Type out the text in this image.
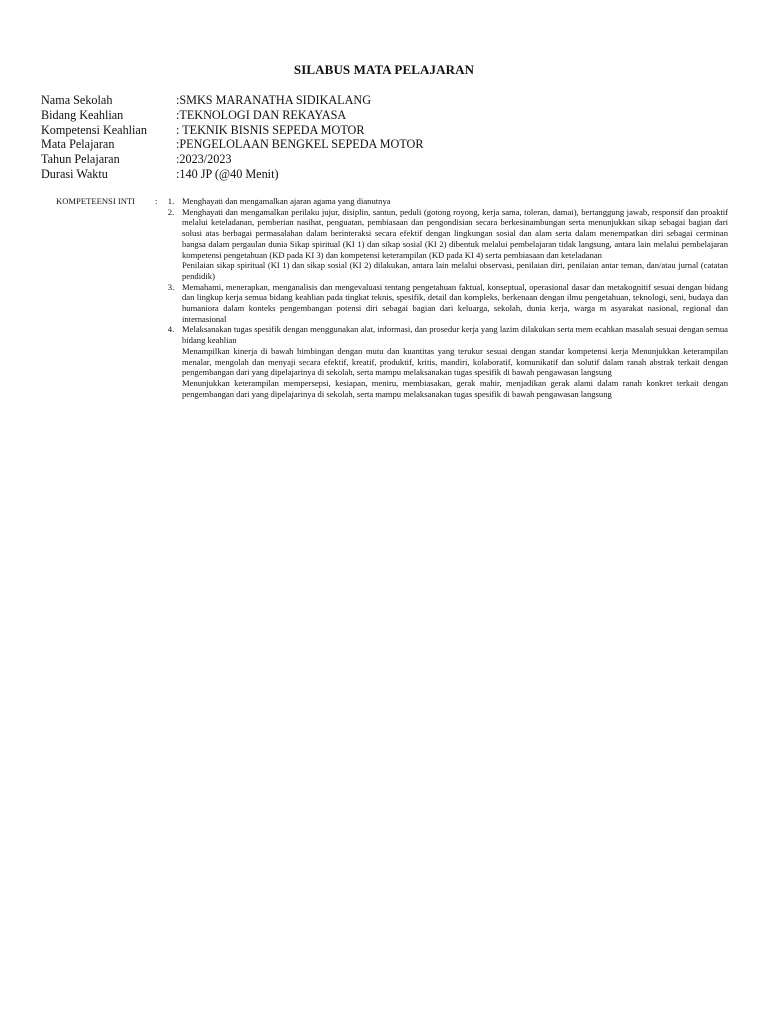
SILABUS MATA PELAJARAN
Nama Sekolah	:SMKS MARANATHA SIDIKALANG
Bidang Keahlian	:TEKNOLOGI DAN REKAYASA
Kompetensi Keahlian	: TEKNIK BISNIS SEPEDA MOTOR
Mata Pelajaran	:PENGELOLAAN BENGKEL SEPEDA MOTOR
Tahun Pelajaran	:2023/2023
Durasi Waktu	:140 JP (@40 Menit)
KOMPETEENSI INTI :	1. Menghayati dan mengamalkan ajaran agama yang dianutnya
2. Menghayati dan mengamalkan perilaku jujur, disiplin, santun, peduli (gotong royong, kerja sama, toleran, damai), bertanggung jawab, responsif dan proaktif melalui keteladanan, pemberian nasihat, penguatan, pembiasaan dan pengondisian secara berkesinambungan serta menunjukkan sikap sebagai bagian dari solusi atas berbagai permasalahan dalam berinteraksi secara efektif dengan lingkungan sosial dan alam serta dalam menempatkan diri sebagai cerminan bangsa dalam pergaulan dunia Sikap spiritual (KI 1) dan sikap sosial (KI 2) dibentuk melalui pembelajaran tidak langsung, antara lain melalui pembelajaran kompetensi pengetahuan (KD pada KI 3) dan kompetensi keterampilan (KD pada KI 4) serta pembiasaan dan keteladanan
Penilaian sikap spiritual (KI 1) dan sikap sosial (KI 2) dilakukan, antara lain melalui observasi, penilaian diri, penilaian antar teman, dan/atau jurnal (catatan pendidik)
3. Memahami, menerapkan, menganalisis dan mengevaluasi tentang pengetahuan faktual, konseptual, operasional dasar dan metakognitif sesuai dengan bidang dan lingkup kerja semua bidang keahlian pada tingkat teknis, spesifik, detail dan kompleks, berkenaan dengan ilmu pengetahuan, teknologi, seni, budaya dan humaniora dalam konteks pengembangan potensi diri sebagai bagian dari keluarga, sekolah, dunia kerja, warga m asyarakat nasional, regional dan internasional
4. Melaksanakan tugas spesifik dengan menggunakan alat, informasi, dan prosedur kerja yang lazim dilakukan serta mem ecahkan masalah sesuai dengan semua bidang keahlian
Menampilkan kinerja di bawah bimbingan dengan mutu dan kuantitas yang terukur sesuai dengan standar kompetensi kerja Menunjukkan keterampilan menalar, mengolah dan menyaji secara efektif, kreatif, produktif, kritis, mandiri, kolaboratif, komunikatif dan solutif dalam ranah abstrak terkait dengan pengembangan dari yang dipelajarinya di sekolah, serta mampu melaksanakan tugas spesifik di bawah pengawasan langsung
Menunjukkan keterampilan mempersepsi, kesiapan, meniru, membiasakan, gerak mahir, menjadikan gerak alami dalam ranah konkret terkait dengan pengembangan dari yang dipelajarinya di sekolah, serta mampu melaksanakan tugas spesifik di bawah pengawasan langsung
